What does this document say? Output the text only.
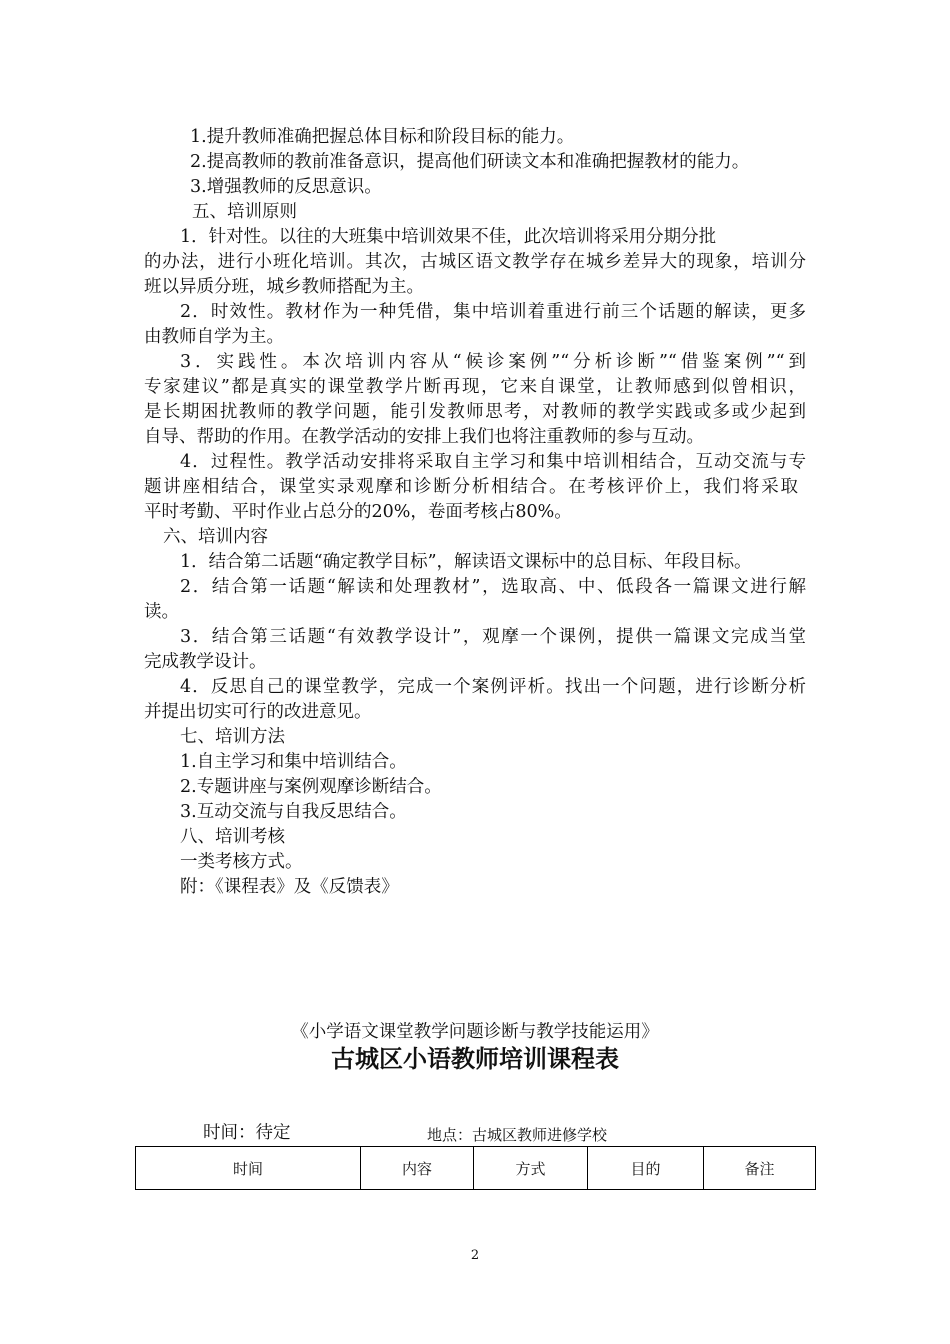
1.提升教师准确把握总体目标和阶段目标的能力。
2.提高教师的教前准备意识，提高他们研读文本和准确把握教材的能力。
3.增强教师的反思意识。
五、培训原则
1．针对性。以往的大班集中培训效果不佳，此次培训将采用分期分批
的办法，进行小班化培训。其次，古城区语文教学存在城乡差异大的现象，培训分
班以异质分班，城乡教师搭配为主。
2．时效性。教材作为一种凭借，集中培训着重进行前三个话题的解读，更多
由教师自学为主。
3．实践性。本次培训内容从“候诊案例”“分析诊断”“借鉴案例”“到
专家建议”都是真实的课堂教学片断再现，它来自课堂，让教师感到似曾相识，
是长期困扰教师的教学问题，能引发教师思考，对教师的教学实践或多或少起到
自导、帮助的作用。在教学活动的安排上我们也将注重教师的参与互动。
4．过程性。教学活动安排将采取自主学习和集中培训相结合，互动交流与专
题讲座相结合，课堂实录观摩和诊断分析相结合。在考核评价上，我们将采取
平时考勤、平时作业占总分的20%，卷面考核占80%。
六、培训内容
1．结合第二话题“确定教学目标”，解读语文课标中的总目标、年段目标。
2．结合第一话题“解读和处理教材”，选取高、中、低段各一篇课文进行解
读。
3．结合第三话题“有效教学设计”，观摩一个课例，提供一篇课文完成当堂
完成教学设计。
4．反思自己的课堂教学，完成一个案例评析。找出一个问题，进行诊断分析
并提出切实可行的改进意见。
七、培训方法
1.自主学习和集中培训结合。
2.专题讲座与案例观摩诊断结合。
3.互动交流与自我反思结合。
八、培训考核
一类考核方式。
附：《课程表》及《反馈表》
《小学语文课堂教学问题诊断与教学技能运用》
古城区小语教师培训课程表
时间：待定	地点：古城区教师进修学校
时间	内容	方式	目的	备注
2
